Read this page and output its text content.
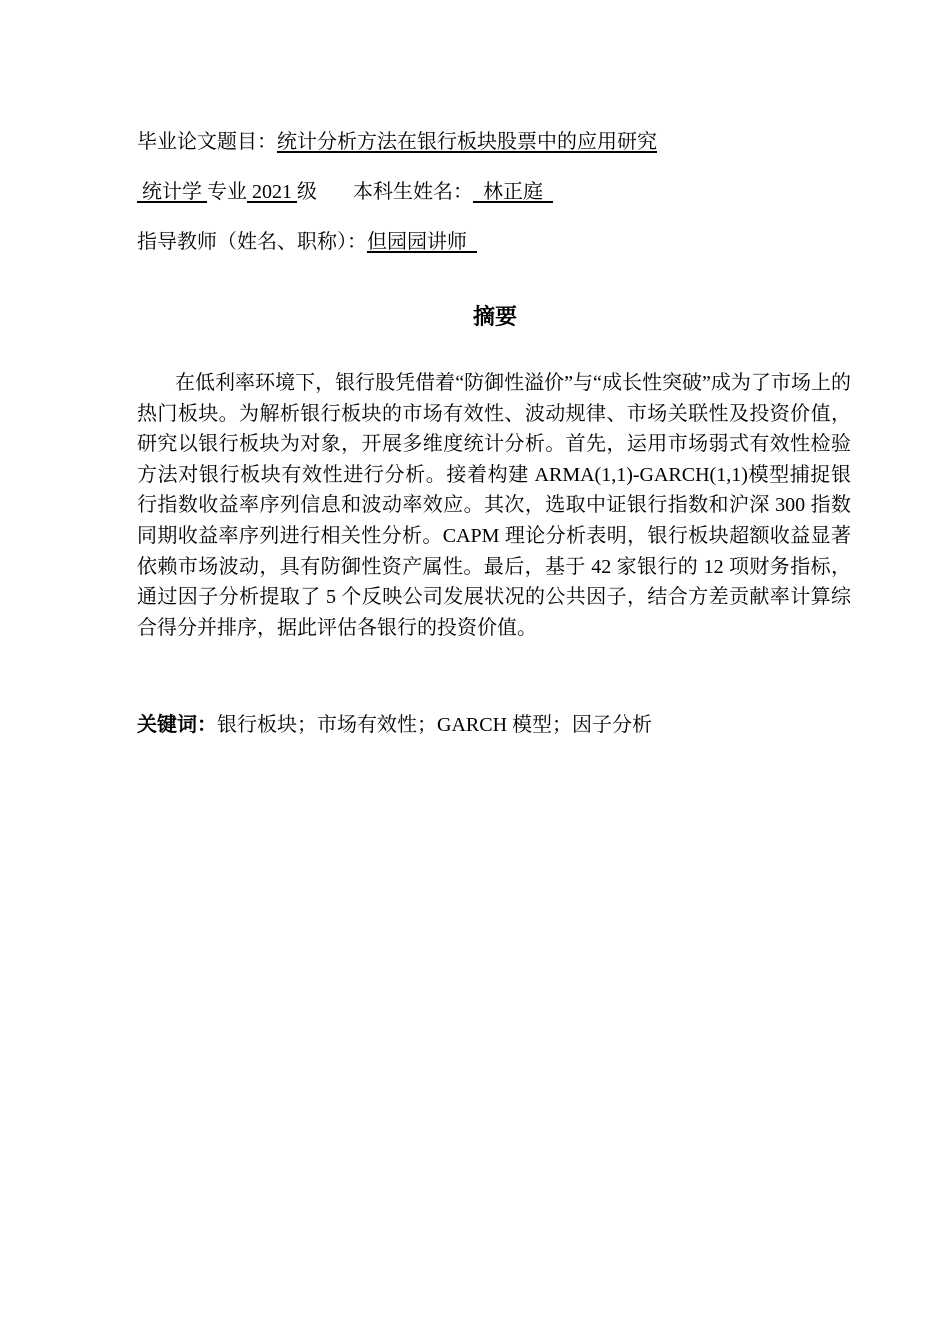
毕业论文题目：统计分析方法在银行板块股票中的应用研究
统计学 专业 2021 级 本科生姓名：  林正庭
指导教师（姓名、职称）：但园园讲师
摘要

在低利率环境下，银行股凭借着“防御性溢价”与“成长性突破”成为了市场上的热门板块。为解析银行板块的市场有效性、波动规律、市场关联性及投资价值，研究以银行板块为对象，开展多维度统计分析。首先，运用市场弱式有效性检验方法对银行板块有效性进行分析。接着构建 ARMA(1,1)-GARCH(1,1)模型捕捉银行指数收益率序列信息和波动率效应。其次，选取中证银行指数和沪深 300 指数同期收益率序列进行相关性分析。CAPM 理论分析表明，银行板块超额收益显著依赖市场波动，具有防御性资产属性。最后，基于 42 家银行的 12 项财务指标，通过因子分析提取了 5 个反映公司发展状况的公共因子，结合方差贡献率计算综合得分并排序，据此评估各银行的投资价值。

关键词：银行板块；市场有效性；GARCH 模型；因子分析
